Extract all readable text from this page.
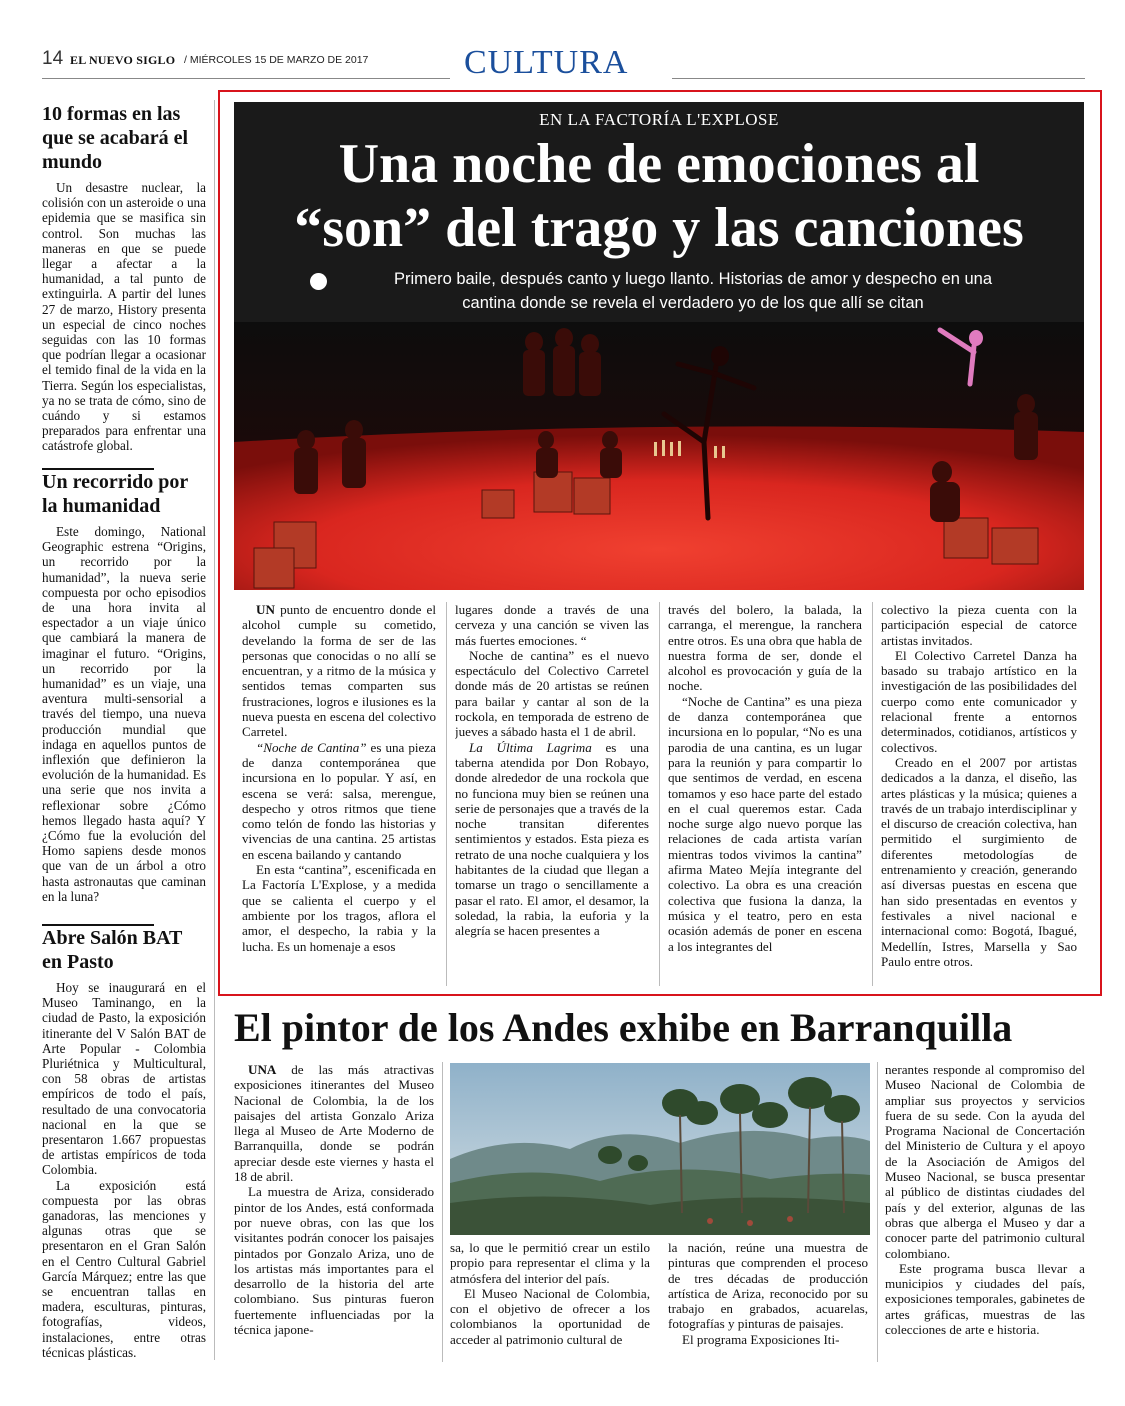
14 EL NUEVO SIGLO / MIÉRCOLES 15 DE MARZO DE 2017	CULTURA
10 formas en las que se acabará el mundo

Un desastre nuclear, la colisión con un asteroide o una epidemia que se masifica sin control. Son muchas las maneras en que se puede llegar a afectar a la humanidad, a tal punto de extinguirla. A partir del lunes 27 de marzo, History presenta un especial de cinco noches seguidas con las 10 formas que podrían llegar a ocasionar el temido final de la vida en la Tierra. Según los especialistas, ya no se trata de cómo, sino de cuándo y si estamos preparados para enfrentar una catástrofe global.

Un recorrido por la humanidad

Este domingo, National Geographic estrena “Origins, un recorrido por la humanidad”, la nueva serie compuesta por ocho episodios de una hora invita al espectador a un viaje único que cambiará la manera de imaginar el futuro. “Origins, un recorrido por la humanidad” es un viaje, una aventura multi-sensorial a través del tiempo, una nueva producción mundial que indaga en aquellos puntos de inflexión que definieron la evolución de la humanidad. Es una serie que nos invita a reflexionar sobre ¿Cómo hemos llegado hasta aquí? Y ¿Cómo fue la evolución del Homo sapiens desde monos que van de un árbol a otro hasta astronautas que caminan en la luna?

Abre Salón BAT en Pasto

Hoy se inaugurará en el Museo Taminango, en la ciudad de Pasto, la exposición itinerante del V Salón BAT de Arte Popular - Colombia Pluriétnica y Multicultural, con 58 obras de artistas empíricos de todo el país, resultado de una convocatoria nacional en la que se presentaron 1.667 propuestas de artistas empíricos de toda Colombia.

La exposición está compuesta por las obras ganadoras, las menciones y algunas otras que se presentaron en el Gran Salón en el Centro Cultural Gabriel García Márquez; entre las que se encuentran tallas en madera, esculturas, pinturas, fotografías, videos, instalaciones, entre otras técnicas plásticas.

EN LA FACTORÍA L'EXPLOSE
Una noche de emociones al
“son” del trago y las canciones
Primero baile, después canto y luego llanto. Historias de amor y despecho en una
cantina donde se revela el verdadero yo de los que allí se citan

UN punto de encuentro donde el alcohol cumple su cometido, develando la forma de ser de las personas que conocidas o no allí se encuentran, y a ritmo de la música y sentidos temas comparten sus frustraciones, logros e ilusiones es la nueva puesta en escena del colectivo Carretel.

“Noche de Cantina” es una pieza de danza contemporánea que incursiona en lo popular. Y así, en escena se verá: salsa, merengue, despecho y otros ritmos que tiene como telón de fondo las historias y vivencias de una cantina. 25 artistas en escena bailando y cantando

En esta “cantina”, escenificada en La Factoría L'Explose, y a medida que se calienta el cuerpo y el ambiente por los tragos, aflora el amor, el despecho, la rabia y la lucha. Es un homenaje a esos

lugares donde a través de una cerveza y una canción se viven las más fuertes emociones. “

Noche de cantina” es el nuevo espectáculo del Colectivo Carretel donde más de 20 artistas se reúnen para bailar y cantar al son de la rockola, en temporada de estreno de jueves a sábado hasta el 1 de abril.

La Última Lagrima es una taberna atendida por Don Robayo, donde alrededor de una rockola que no funciona muy bien se reúnen una serie de personajes que a través de la noche transitan diferentes sentimientos y estados. Esta pieza es retrato de una noche cualquiera y los habitantes de la ciudad que llegan a tomarse un trago o sencillamente a pasar el rato. El amor, el desamor, la soledad, la rabia, la euforia y la alegría se hacen presentes a

través del bolero, la balada, la carranga, el merengue, la ranchera entre otros. Es una obra que habla de nuestra forma de ser, donde el alcohol es provocación y guía de la noche.

“Noche de Cantina” es una pieza de danza contemporánea que incursiona en lo popular, “No es una parodia de una cantina, es un lugar para la reunión y para compartir lo que sentimos de verdad, en escena tomamos y eso hace parte del estado en el cual queremos estar. Cada noche surge algo nuevo porque las relaciones de cada artista varían mientras todos vivimos la cantina” afirma Mateo Mejía integrante del colectivo. La obra es una creación colectiva que fusiona la danza, la música y el teatro, pero en esta ocasión además de poner en escena a los integrantes del

colectivo la pieza cuenta con la participación especial de catorce artistas invitados.

El Colectivo Carretel Danza ha basado su trabajo artístico en la investigación de las posibilidades del cuerpo como ente comunicador y relacional frente a entornos determinados, cotidianos, artísticos y colectivos.

Creado en el 2007 por artistas dedicados a la danza, el diseño, las artes plásticas y la música; quienes a través de un trabajo interdisciplinar y el discurso de creación colectiva, han permitido el surgimiento de diferentes metodologías de entrenamiento y creación, generando así diversas puestas en escena que han sido presentadas en eventos y festivales a nivel nacional e internacional como: Bogotá, Ibagué, Medellín, Istres, Marsella y Sao Paulo entre otros.

El pintor de los Andes exhibe en Barranquilla

UNA de las más atractivas exposiciones itinerantes del Museo Nacional de Colombia, la de los paisajes del artista Gonzalo Ariza llega al Museo de Arte Moderno de Barranquilla, donde se podrán apreciar desde este viernes y hasta el 18 de abril.

La muestra de Ariza, considerado pintor de los Andes, está conformada por nueve obras, con las que los visitantes podrán conocer los paisajes pintados por Gonzalo Ariza, uno de los artistas más importantes para el desarrollo de la historia del arte colombiano. Sus pinturas fueron fuertemente influenciadas por la técnica japone-

sa, lo que le permitió crear un estilo propio para representar el clima y la atmósfera del interior del país.

El Museo Nacional de Colombia, con el objetivo de ofrecer a los colombianos la oportunidad de acceder al patrimonio cultural de

la nación, reúne una muestra de pinturas que comprenden el proceso de tres décadas de producción artística de Ariza, reconocido por su trabajo en grabados, acuarelas, fotografías y pinturas de paisajes.

El programa Exposiciones Iti-

nerantes responde al compromiso del Museo Nacional de Colombia de ampliar sus proyectos y servicios fuera de su sede. Con la ayuda del Programa Nacional de Concertación del Ministerio de Cultura y el apoyo de la Asociación de Amigos del Museo Nacional, se busca presentar al público de distintas ciudades del país y del exterior, algunas de las obras que alberga el Museo y dar a conocer parte del patrimonio cultural colombiano.

Este programa busca llevar a municipios y ciudades del país, exposiciones temporales, gabinetes de artes gráficas, muestras de las colecciones de arte e historia.
